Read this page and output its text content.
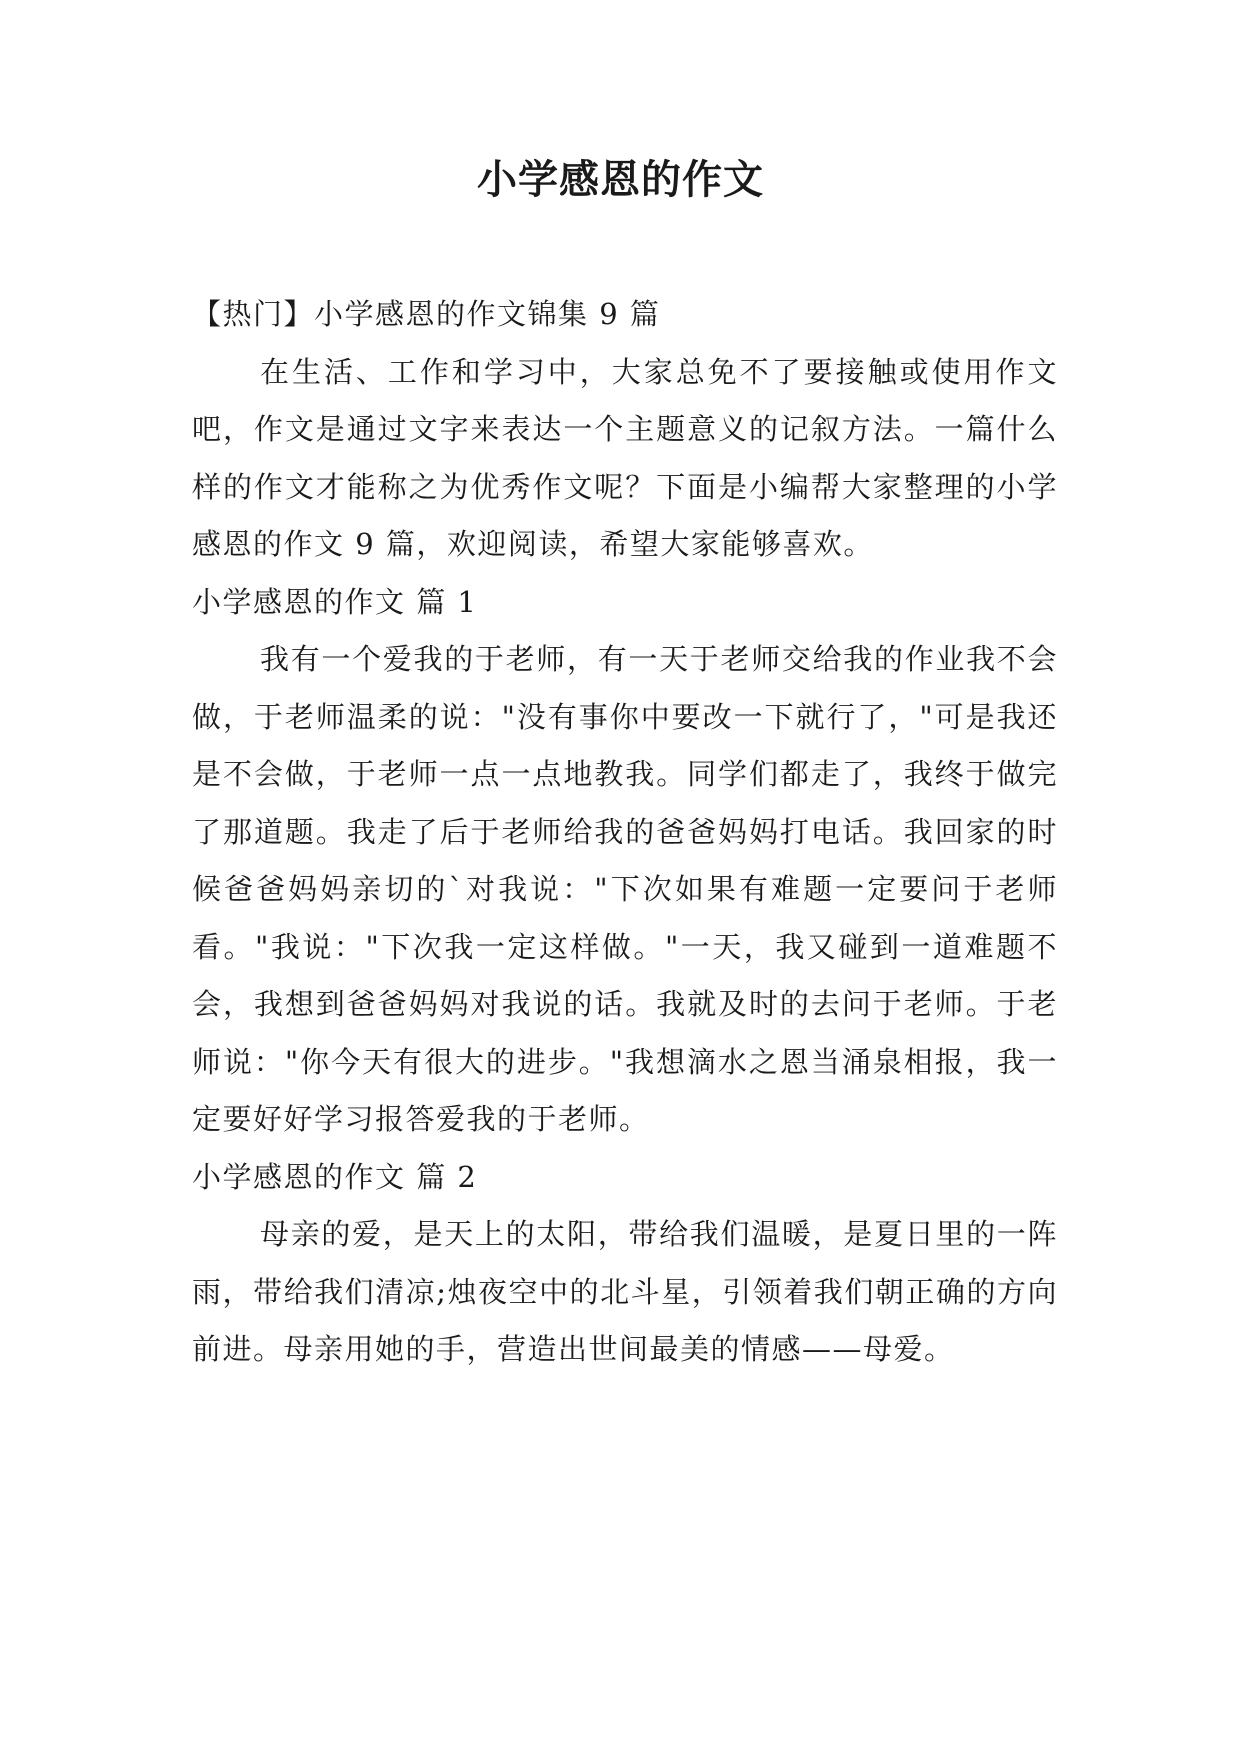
小学感恩的作文

【热门】小学感恩的作文锦集 9 篇

在生活、工作和学习中，大家总免不了要接触或使用作文吧，作文是通过文字来表达一个主题意义的记叙方法。一篇什么样的作文才能称之为优秀作文呢？下面是小编帮大家整理的小学感恩的作文 9 篇，欢迎阅读，希望大家能够喜欢。

小学感恩的作文 篇 1

我有一个爱我的于老师，有一天于老师交给我的作业我不会做，于老师温柔的说："没有事你中要改一下就行了，"可是我还是不会做，于老师一点一点地教我。同学们都走了，我终于做完了那道题。我走了后于老师给我的爸爸妈妈打电话。我回家的时候爸爸妈妈亲切的`对我说："下次如果有难题一定要问于老师看。"我说："下次我一定这样做。"一天，我又碰到一道难题不会，我想到爸爸妈妈对我说的话。我就及时的去问于老师。于老师说："你今天有很大的进步。"我想滴水之恩当涌泉相报，我一定要好好学习报答爱我的于老师。

小学感恩的作文 篇 2

母亲的爱，是天上的太阳，带给我们温暖，是夏日里的一阵雨，带给我们清凉;烛夜空中的北斗星，引领着我们朝正确的方向前进。母亲用她的手，营造出世间最美的情感——母爱。
